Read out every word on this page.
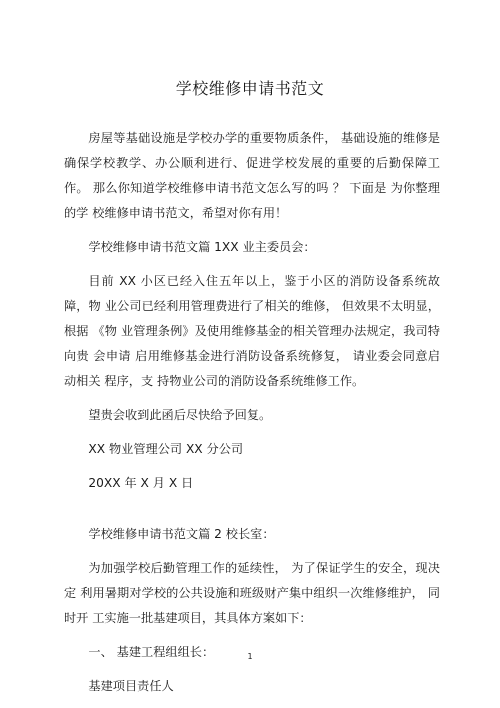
学校维修申请书范文

房屋等基础设施是学校办学的重要物质条件， 基础设施的维修是 确保学校教学、办公顺利进行、促进学校发展的重要的后勤保障工作。 那么你知道学校维修申请书范文怎么写的吗 ？ 下面是 为你整理的学 校维修申请书范文，希望对你有用！

学校维修申请书范文篇 1XX 业主委员会：

目前 XX 小区已经入住五年以上，鉴于小区的消防设备系统故障，物 业公司已经利用管理费进行了相关的维修， 但效果不太明显，根据 《物 业管理条例》及使用维修基金的相关管理办法规定，我司特向贵 会申请 启用维修基金进行消防设备系统修复， 请业委会同意启动相关 程序，支 持物业公司的消防设备系统维修工作。

望贵会收到此函后尽快给予回复。

XX 物业管理公司 XX 分公司

20XX 年 X 月 X 日

学校维修申请书范文篇 2 校长室：

为加强学校后勤管理工作的延续性， 为了保证学生的安全，现决 定 利用暑期对学校的公共设施和班级财产集中组织一次维修维护， 同 时开 工实施一批基建项目，其具体方案如下：

一、 基建工程组组长：

基建项目责任人

1
